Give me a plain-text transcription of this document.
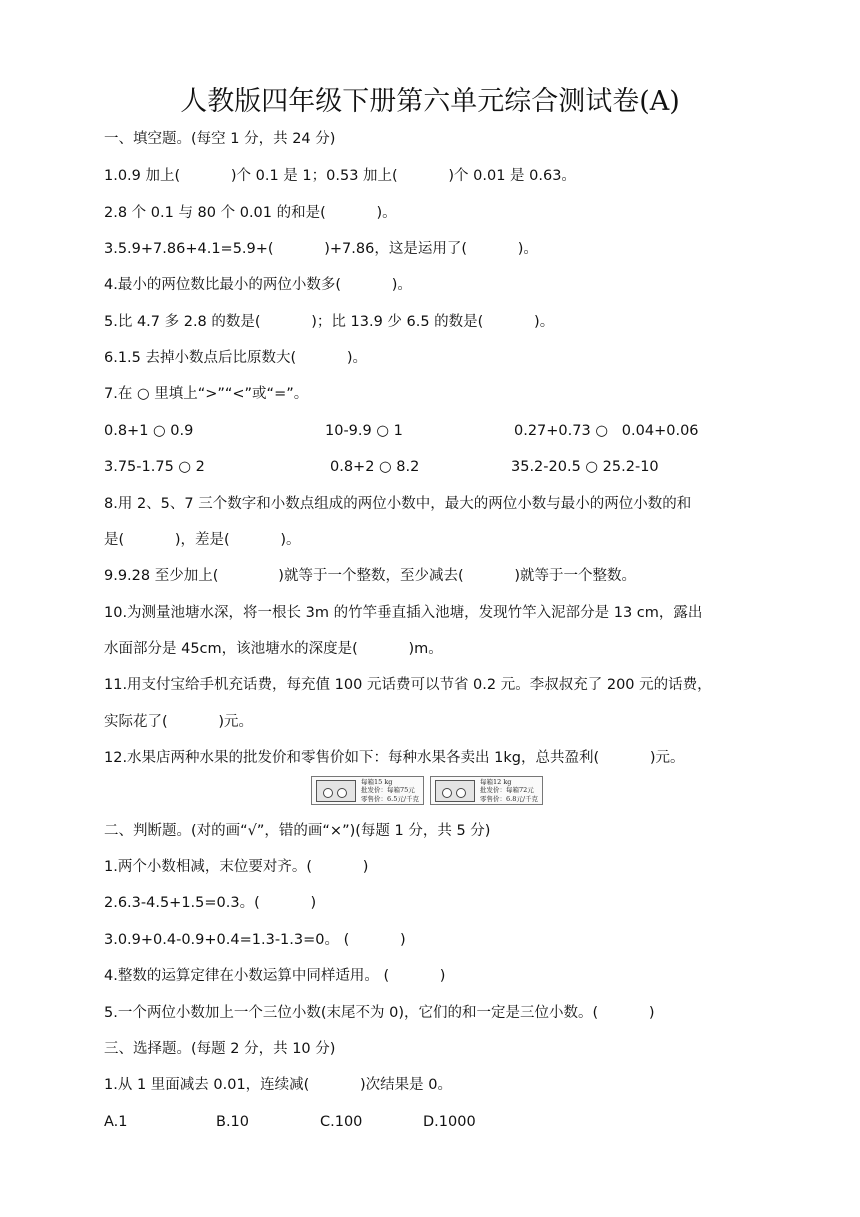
人教版四年级下册第六单元综合测试卷(A)
一、填空题。(每空 1 分，共 24 分)
1.0.9 加上(           )个 0.1 是 1；0.53 加上(           )个 0.01 是 0.63。
2.8 个 0.1 与 80 个 0.01 的和是(           )。
3.5.9+7.86+4.1=5.9+(           )+7.86，这是运用了(           )。
4.最小的两位数比最小的两位小数多(           )。
5.比 4.7 多 2.8 的数是(           )；比 13.9 少 6.5 的数是(           )。
6.1.5 去掉小数点后比原数大(           )。
7.在 ○ 里填上“>”“<”或“=”。
0.8+1 ○ 0.9	10-9.9 ○ 1	0.27+0.73 ○   0.04+0.06
3.75-1.75 ○ 2	0.8+2 ○ 8.2	35.2-20.5 ○ 25.2-10
8.用 2、5、7 三个数字和小数点组成的两位小数中，最大的两位小数与最小的两位小数的和
是(           )，差是(           )。
9.9.28 至少加上(             )就等于一个整数，至少减去(           )就等于一个整数。
10.为测量池塘水深，将一根长 3m 的竹竿垂直插入池塘，发现竹竿入泥部分是 13 cm，露出
水面部分是 45cm，该池塘水的深度是(           )m。
11.用支付宝给手机充话费，每充值 100 元话费可以节省 0.2 元。李叔叔充了 200 元的话费，
实际花了(           )元。
12.水果店两种水果的批发价和零售价如下：每种水果各卖出 1kg，总共盈利(           )元。
每箱15 kg
批发价：每箱75元
零售价：6.5元/千克
每箱12 kg
批发价：每箱72元
零售价：6.8元/千克
二、判断题。(对的画“√”，错的画“×”)(每题 1 分，共 5 分)
1.两个小数相减，末位要对齐。(           )
2.6.3-4.5+1.5=0.3。(           )
3.0.9+0.4-0.9+0.4=1.3-1.3=0。 (           )
4.整数的运算定律在小数运算中同样适用。 (           )
5.一个两位小数加上一个三位小数(末尾不为 0)，它们的和一定是三位小数。(           )
三、选择题。(每题 2 分，共 10 分)
1.从 1 里面减去 0.01，连续减(           )次结果是 0。
A.1	B.10	C.100	D.1000
